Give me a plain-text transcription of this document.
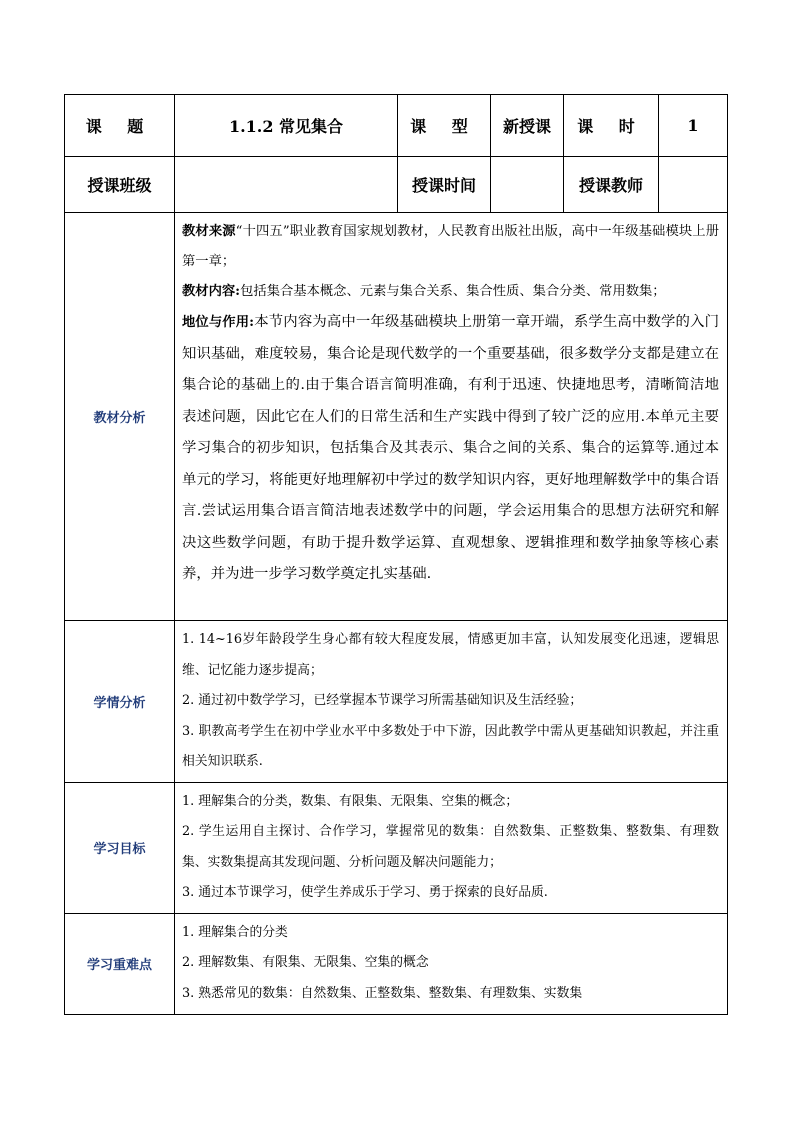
课 题	1.1.2 常见集合	课 型	新授课	课 时	1
授课班级		授课时间		授课教师	
教材分析	教材来源“十四五”职业教育国家规划教材，人民教育出版社出版，高中一年级基础模块上册第一章；

教材内容:包括集合基本概念、元素与集合关系、集合性质、集合分类、常用数集；

地位与作用:本节内容为高中一年级基础模块上册第一章开端，系学生高中数学的入门知识基础，难度较易，集合论是现代数学的一个重要基础，很多数学分支都是建立在集合论的基础上的.由于集合语言简明准确，有利于迅速、快捷地思考，清晰简洁地表述问题，因此它在人们的日常生活和生产实践中得到了较广泛的应用.本单元主要学习集合的初步知识，包括集合及其表示、集合之间的关系、集合的运算等.通过本单元的学习，将能更好地理解初中学过的数学知识内容，更好地理解数学中的集合语言.尝试运用集合语言简洁地表述数学中的问题，学会运用集合的思想方法研究和解决这些数学问题，有助于提升数学运算、直观想象、逻辑推理和数学抽象等核心素养，并为进一步学习数学奠定扎实基础.				

学情分析	1. 14~16岁年龄段学生身心都有较大程度发展，情感更加丰富，认知发展变化迅速，逻辑思维、记忆能力逐步提高；

2. 通过初中数学学习，已经掌握本节课学习所需基础知识及生活经验；

3. 职教高考学生在初中学业水平中多数处于中下游，因此教学中需从更基础知识教起，并注重相关知识联系.				

学习目标	1. 理解集合的分类，数集、有限集、无限集、空集的概念；

2. 学生运用自主探讨、合作学习，掌握常见的数集：自然数集、正整数集、整数集、有理数集、实数集提高其发现问题、分析问题及解决问题能力；

3. 通过本节课学习，使学生养成乐于学习、勇于探索的良好品质.				

学习重难点	1. 理解集合的分类

2. 理解数集、有限集、无限集、空集的概念

3. 熟悉常见的数集：自然数集、正整数集、整数集、有理数集、实数集				
